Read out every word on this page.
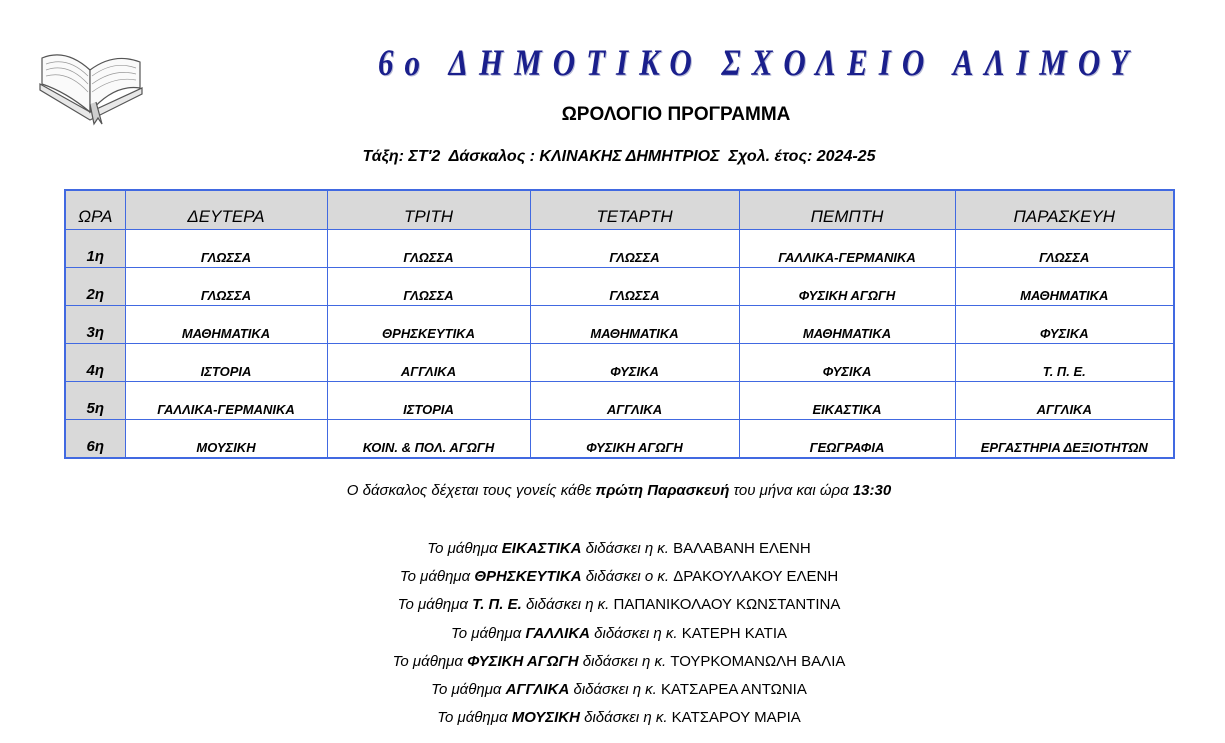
6ο ΔΗΜΟΤΙΚΟ ΣΧΟΛΕΙΟ ΑΛΙΜΟΥ
ΩΡΟΛΟΓΙΟ ΠΡΟΓΡΑΜΜΑ
Τάξη: ΣΤ'2  Δάσκαλος : ΚΛΙΝΑΚΗΣ ΔΗΜΗΤΡΙΟΣ  Σχολ. έτος: 2024-25
ΩΡΑ	ΔΕΥΤΕΡΑ	ΤΡΙΤΗ	ΤΕΤΑΡΤΗ	ΠΕΜΠΤΗ	ΠΑΡΑΣΚΕΥΗ
1η	ΓΛΩΣΣΑ	ΓΛΩΣΣΑ	ΓΛΩΣΣΑ	ΓΑΛΛΙΚΑ-ΓΕΡΜΑΝΙΚΑ	ΓΛΩΣΣΑ
2η	ΓΛΩΣΣΑ	ΓΛΩΣΣΑ	ΓΛΩΣΣΑ	ΦΥΣΙΚΗ ΑΓΩΓΗ	ΜΑΘΗΜΑΤΙΚΑ
3η	ΜΑΘΗΜΑΤΙΚΑ	ΘΡΗΣΚΕΥΤΙΚΑ	ΜΑΘΗΜΑΤΙΚΑ	ΜΑΘΗΜΑΤΙΚΑ	ΦΥΣΙΚΑ
4η	ΙΣΤΟΡΙΑ	ΑΓΓΛΙΚΑ	ΦΥΣΙΚΑ	ΦΥΣΙΚΑ	Τ. Π. Ε.
5η	ΓΑΛΛΙΚΑ-ΓΕΡΜΑΝΙΚΑ	ΙΣΤΟΡΙΑ	ΑΓΓΛΙΚΑ	ΕΙΚΑΣΤΙΚΑ	ΑΓΓΛΙΚΑ
6η	ΜΟΥΣΙΚΗ	ΚΟΙΝ. & ΠΟΛ. ΑΓΩΓΗ	ΦΥΣΙΚΗ ΑΓΩΓΗ	ΓΕΩΓΡΑΦΙΑ	ΕΡΓΑΣΤΗΡΙΑ ΔΕΞΙΟΤΗΤΩΝ
Ο δάσκαλος δέχεται τους γονείς κάθε πρώτη Παρασκευή του μήνα και ώρα 13:30
Το μάθημα ΕΙΚΑΣΤΙΚΑ διδάσκει η κ. ΒΑΛΑΒΑΝΗ ΕΛΕΝΗ
Το μάθημα ΘΡΗΣΚΕΥΤΙΚΑ διδάσκει ο κ. ΔΡΑΚΟΥΛΑΚΟΥ ΕΛΕΝΗ
Το μάθημα Τ. Π. Ε. διδάσκει η κ. ΠΑΠΑΝΙΚΟΛΑΟΥ ΚΩΝΣΤΑΝΤΙΝΑ
Το μάθημα ΓΑΛΛΙΚΑ διδάσκει η κ. ΚΑΤΕΡΗ ΚΑΤΙΑ
Το μάθημα ΦΥΣΙΚΗ ΑΓΩΓΗ διδάσκει η κ. ΤΟΥΡΚΟΜΑΝΩΛΗ ΒΑΛΙΑ
Το μάθημα ΑΓΓΛΙΚΑ διδάσκει η κ. ΚΑΤΣΑΡΕΑ ΑΝΤΩΝΙΑ
Το μάθημα ΜΟΥΣΙΚΗ διδάσκει η κ. ΚΑΤΣΑΡΟΥ ΜΑΡΙΑ
